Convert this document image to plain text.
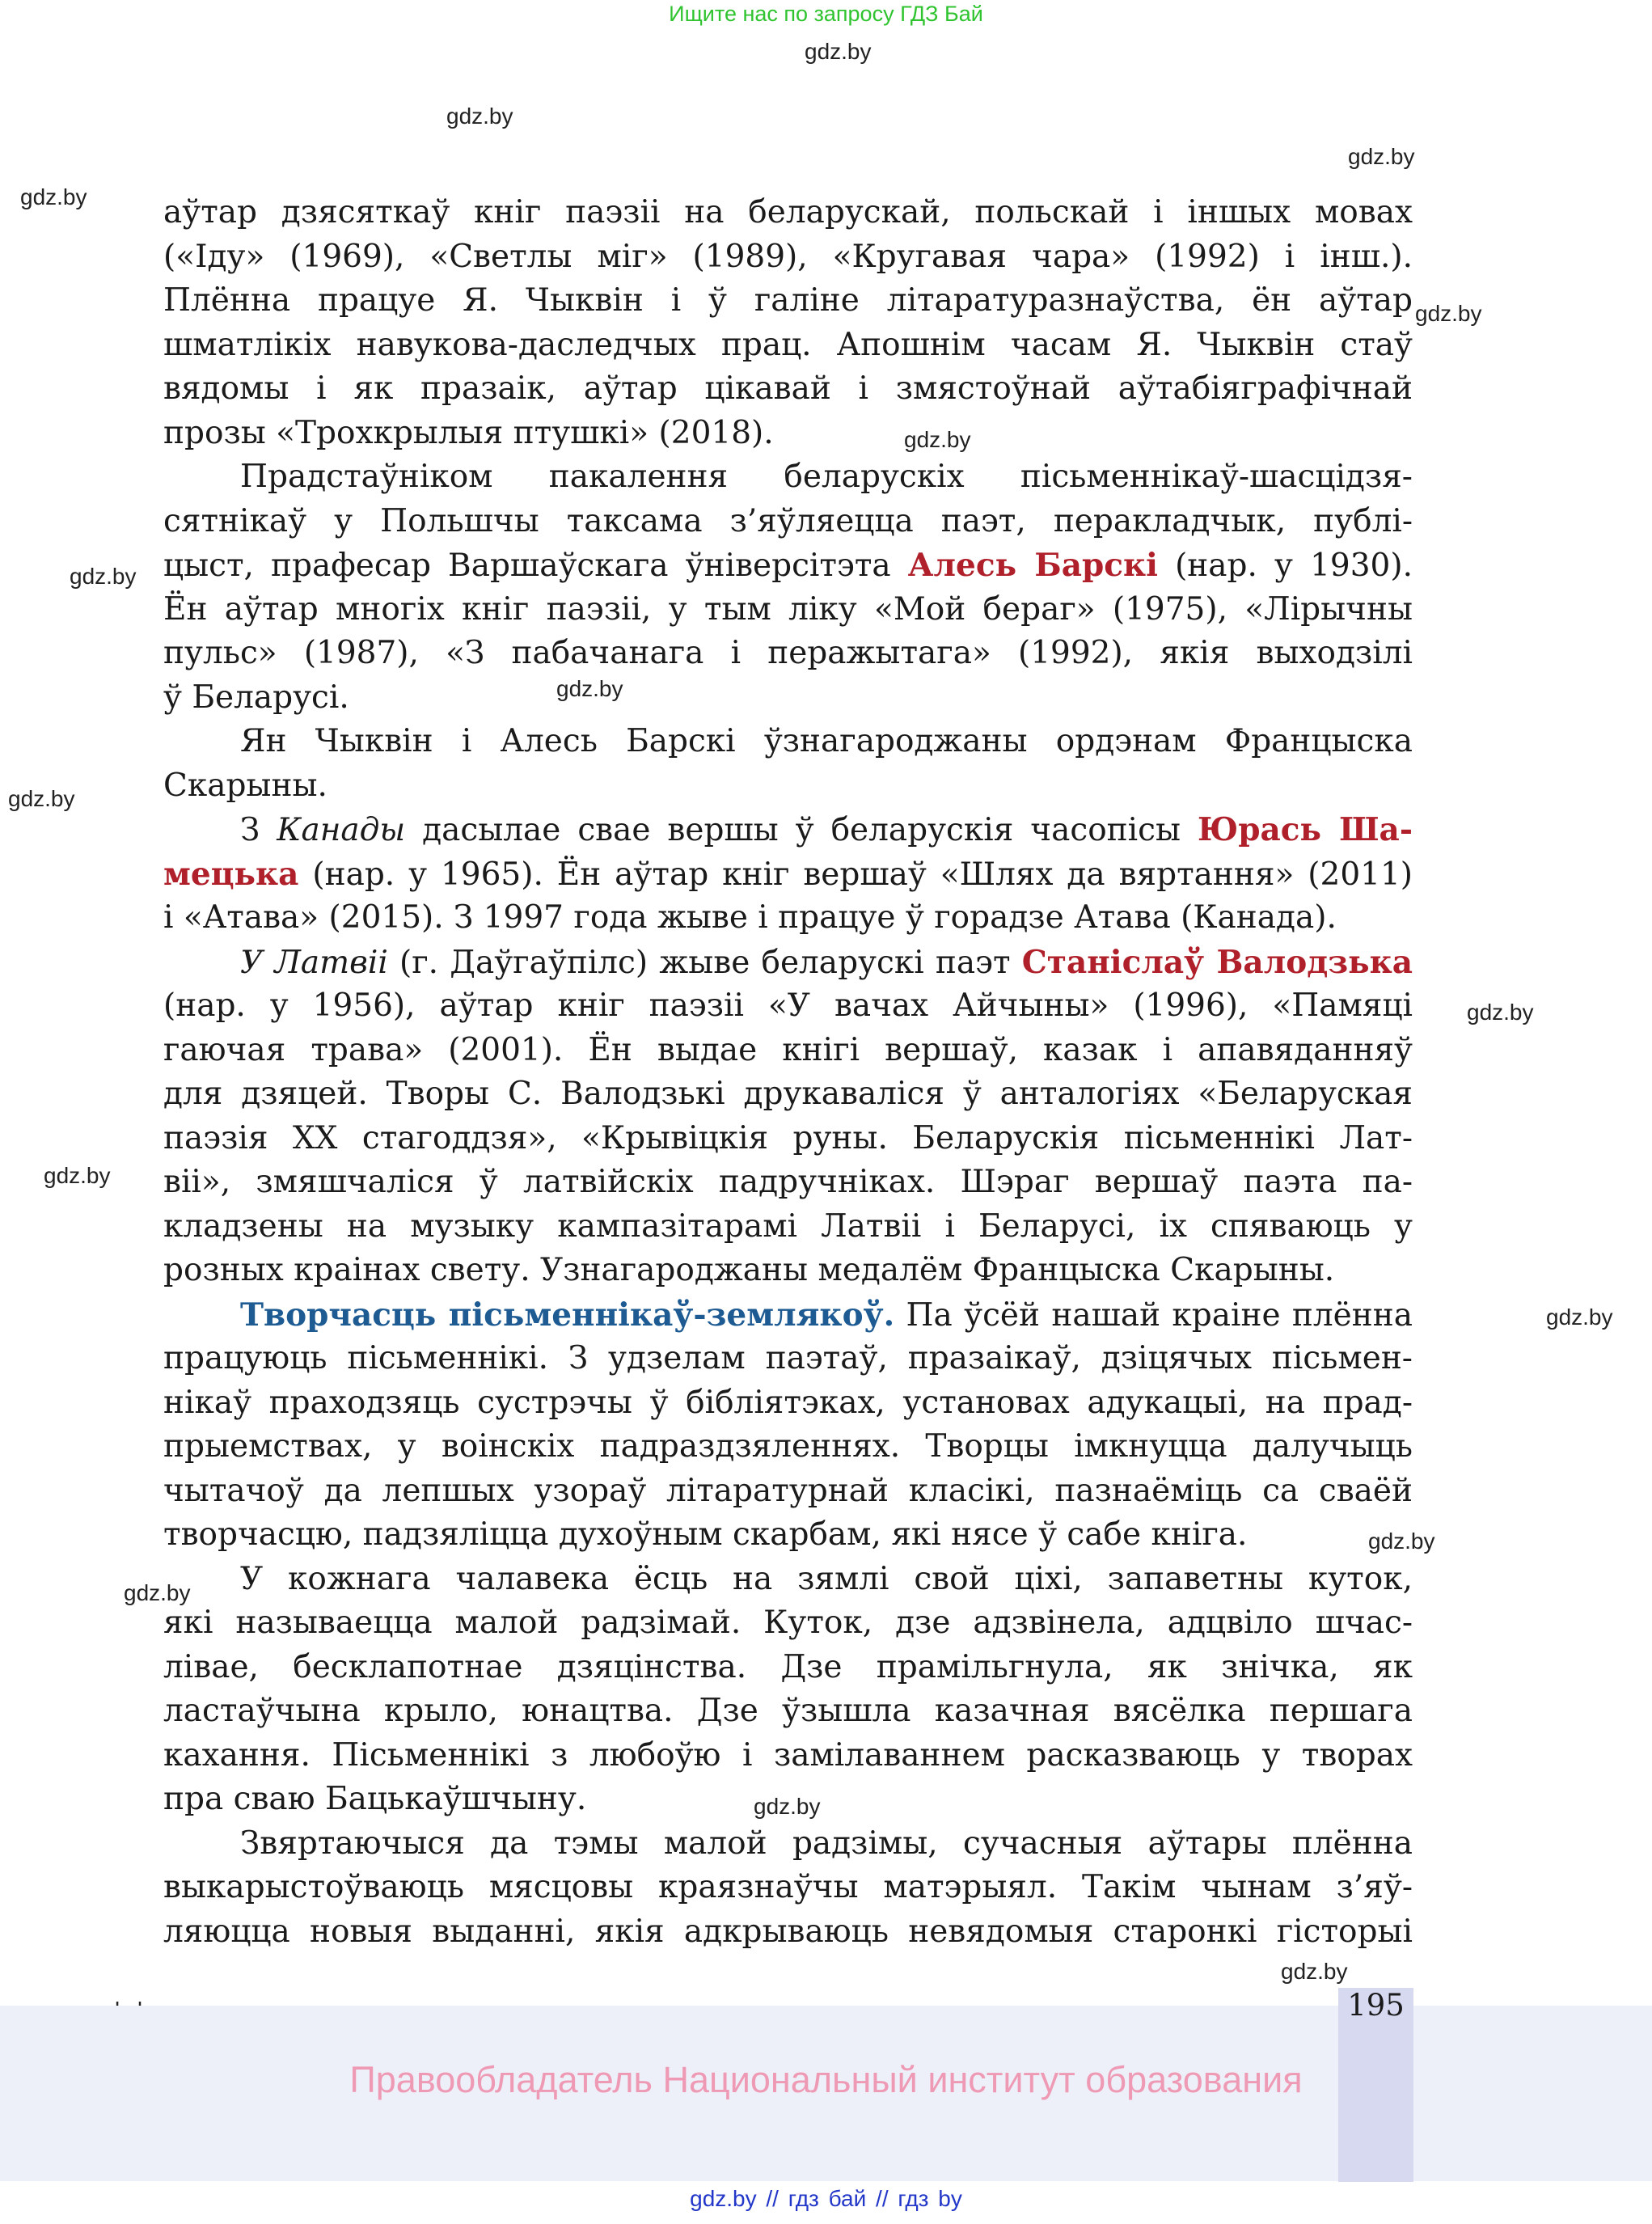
Ищите нас по запросу ГДЗ Бай
gdz.by
gdz.by
gdz.by
gdz.by
gdz.by
gdz.by
gdz.by
gdz.by
gdz.by
gdz.by
gdz.by
gdz.by
gdz.by
gdz.by
gdz.by
gdz.by
аўтар дзясяткаў кніг паэзіі на беларускай, польскай і іншых мовах
(«Іду» (1969), «Светлы міг» (1989), «Кругавая чара» (1992) і інш.).
Плённа працуе Я. Чыквін і ў галіне літаратуразнаўства, ён аўтар
шматлікіх навукова-даследчых прац. Апошнім часам Я. Чыквін стаў
вядомы і як празаік, аўтар цікавай і змястоўнай аўтабіяграфічнай
прозы «Трохкрылыя птушкі» (2018).
Прадстаўніком пакалення беларускіх пісьменнікаў-шасцідзя-
сятнікаў у Польшчы таксама з’яўляецца паэт, перакладчык, публі-
цыст, прафесар Варшаўскага ўніверсітэта Алесь Барскі (нар. у 1930).
Ён аўтар многіх кніг паэзіі, у тым ліку «Мой бераг» (1975), «Лірычны
пульс» (1987), «З пабачанага і перажытага» (1992), якія выходзілі
ў Беларусі.
Ян Чыквін і Алесь Барскі ўзнагароджаны ордэнам Францыска
Скарыны.
З Канады дасылае свае вершы ў беларускія часопісы Юрась Ша-
мецька (нар. у 1965). Ён аўтар кніг вершаў «Шлях да вяртання» (2011)
і «Атава» (2015). З 1997 года жыве і працуе ў горадзе Атава (Канада).
У Латвіі (г. Даўгаўпілс) жыве беларускі паэт Станіслаў Валодзька
(нар. у 1956), аўтар кніг паэзіі «У вачах Айчыны» (1996), «Памяці
гаючая трава» (2001). Ён выдае кнігі вершаў, казак і апавяданняў
для дзяцей. Творы С. Валодзькі друкаваліся ў анталогіях «Беларуская
паэзія ХХ стагоддзя», «Крывіцкія руны. Беларускія пісьменнікі Лат-
віі», змяшчаліся ў латвійскіх падручніках. Шэраг вершаў паэта па-
кладзены на музыку кампазітарамі Латвіі і Беларусі, іх спяваюць у
розных краінах свету. Узнагароджаны медалём Францыска Скарыны.
Творчасць пісьменнікаў-землякоў. Па ўсёй нашай краіне плённа
працуюць пісьменнікі. З удзелам паэтаў, празаікаў, дзіцячых пісьмен-
нікаў праходзяць сустрэчы ў бібліятэках, установах адукацыі, на прад-
прыемствах, у воінскіх падраздзяленнях. Творцы імкнуцца далучыць
чытачоў да лепшых узораў літаратурнай класікі, пазнаёміць са сваёй
творчасцю, падзяліцца духоўным скарбам, які нясе ў сабе кніга.
У кожнага чалавека ёсць на зямлі свой ціхі, запаветны куток,
які называецца малой радзімай. Куток, дзе адзвінела, адцвіло шчас-
лівае, бесклапотнае дзяцінства. Дзе прамільгнула, як знічка, як
ластаўчына крыло, юнацтва. Дзе ўзышла казачная вясёлка першага
кахання. Пісьменнікі з любоўю і замілаваннем расказваюць у творах
пра сваю Бацькаўшчыну.
Звяртаючыся да тэмы малой радзімы, сучасныя аўтары плённа
выкарыстоўваюць мясцовы краязнаўчы матэрыял. Такім чынам з’яў-
ляюцца новыя выданні, якія адкрываюць невядомыя старонкі гісторыі
195
Правообладатель Национальный институт образования
gdz.by // гдз бай // гдз by
